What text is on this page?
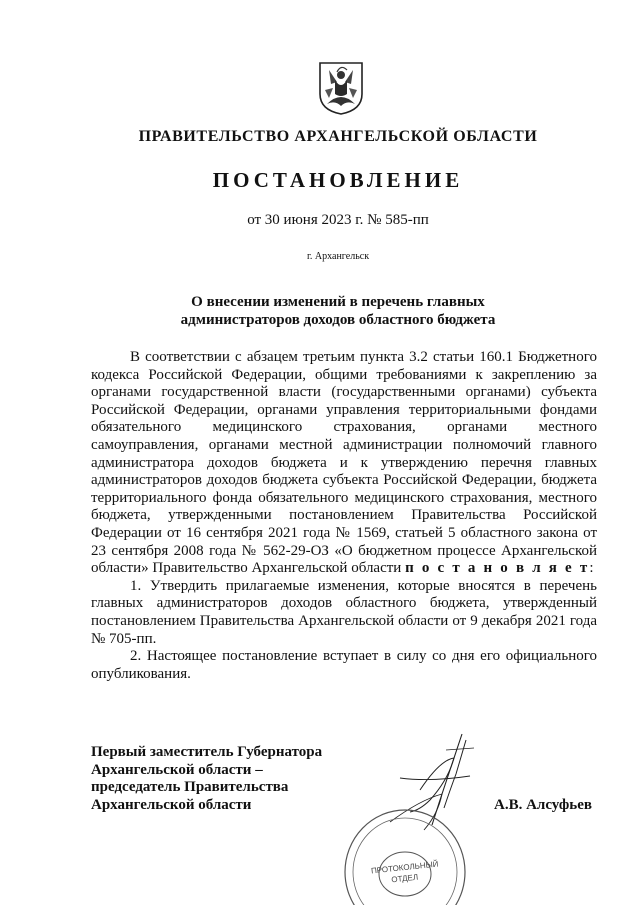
ПРАВИТЕЛЬСТВО АРХАНГЕЛЬСКОЙ ОБЛАСТИ
ПОСТАНОВЛЕНИЕ
от 30 июня 2023 г. № 585-пп
г. Архангельск
О внесении изменений в перечень главных
администраторов доходов областного бюджета

В соответствии с абзацем третьим пункта 3.2 статьи 160.1 Бюджетного кодекса Российской Федерации, общими требованиями к закреплению за органами государственной власти (государственными органами) субъекта Российской Федерации, органами управления территориальными фондами обязательного медицинского страхования, органами местного самоуправления, органами местной администрации полномочий главного администратора доходов бюджета и к утверждению перечня главных администраторов доходов бюджета субъекта Российской Федерации, бюджета территориального фонда обязательного медицинского страхования, местного бюджета, утвержденными постановлением Правительства Российской Федерации от 16 сентября 2021 года № 1569, статьей 5 областного закона от 23 сентября 2008 года № 562-29-ОЗ «О бюджетном процессе Архангельской области» Правительство Архангельской области п о с т а н о в л я е т:

1. Утвердить прилагаемые изменения, которые вносятся в перечень главных администраторов доходов областного бюджета, утвержденный постановлением Правительства Архангельской области от 9 декабря 2021 года № 705-пп.

2. Настоящее постановление вступает в силу со дня его официального опубликования.

Первый заместитель Губернатора
Архангельской области –
председатель Правительства
Архангельской области	А.В. Алсуфьев
ПРОТОКОЛЬНЫЙ
ОТДЕЛ
